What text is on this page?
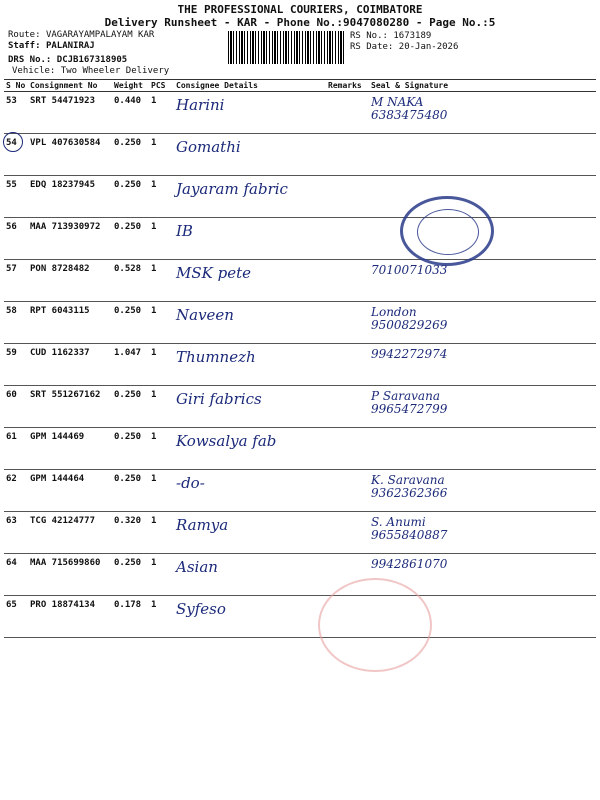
THE PROFESSIONAL COURIERS, COIMBATORE
Delivery Runsheet - KAR - Phone No.:9047080280 - Page No.:5
Route: VAGARAYAMPALAYAM KAR
Staff: PALANIRAJ
DRS No.: DCJB167318905
Vehicle: Two Wheeler Delivery
RS No.: 1673189
RS Date: 20-Jan-2026
S No	Consignment No	Weight	PCS	Consignee Details	Remarks	Seal & Signature
53	SRT 54471923	0.440	1	Harini		M NAKA
6383475480

54	VPL 407630584	0.250	1	Gomathi		

55	EDQ 18237945	0.250	1	Jayaram fabric		

56	MAA 713930972	0.250	1	IB		

57	PON 8728482	0.528	1	MSK pete		7010071033

58	RPT 6043115	0.250	1	Naveen		London
9500829269

59	CUD 1162337	1.047	1	Thumnezh		9942272974

60	SRT 551267162	0.250	1	Giri fabrics		P Saravana
9965472799

61	GPM 144469	0.250	1	Kowsalya fab		

62	GPM 144464	0.250	1	-do-		K. Saravana
9362362366

63	TCG 42124777	0.320	1	Ramya		S. Anumi
9655840887

64	MAA 715699860	0.250	1	Asian		9942861070

65	PRO 18874134	0.178	1	Syfeso		
